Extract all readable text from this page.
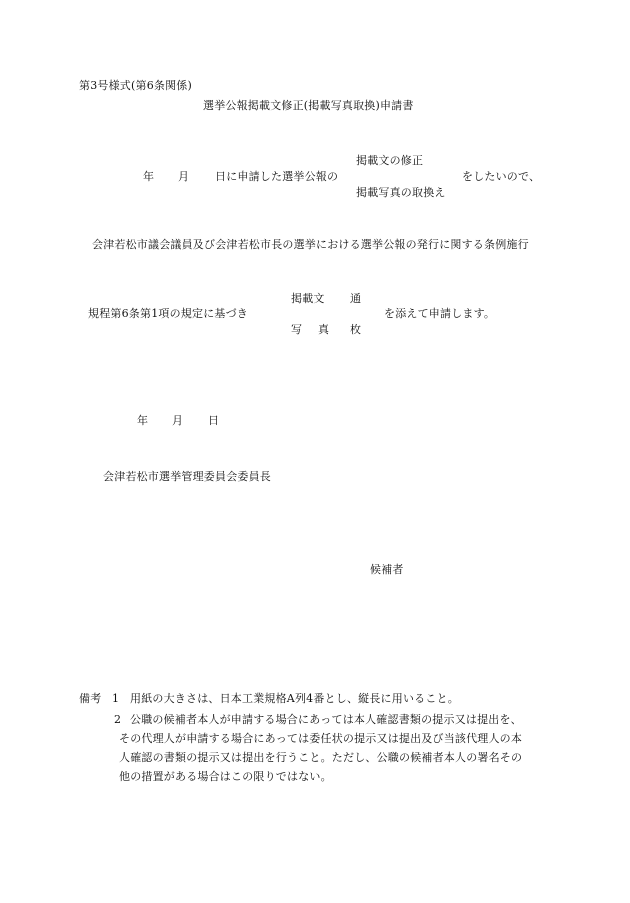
第3号様式(第6条関係)
選挙公報掲載文修正(掲載写真取換)申請書
年 月 日に申請した選挙公報の
掲載文の修正
掲載写真の取換え
をしたいので、
会津若松市議会議員及び会津若松市長の選挙における選挙公報の発行に関する条例施行
規程第6条第1項の規定に基づき
掲載文 通
写 真 枚
を添えて申請します。
年 月 日
会津若松市選挙管理委員会委員長
候補者
備考 1 用紙の大きさは、日本工業規格A列4番とし、縦長に用いること。
2 公職の候補者本人が申請する場合にあっては本人確認書類の提示又は提出を、
その代理人が申請する場合にあっては委任状の提示又は提出及び当該代理人の本
人確認の書類の提示又は提出を行うこと。ただし、公職の候補者本人の署名その
他の措置がある場合はこの限りではない。
